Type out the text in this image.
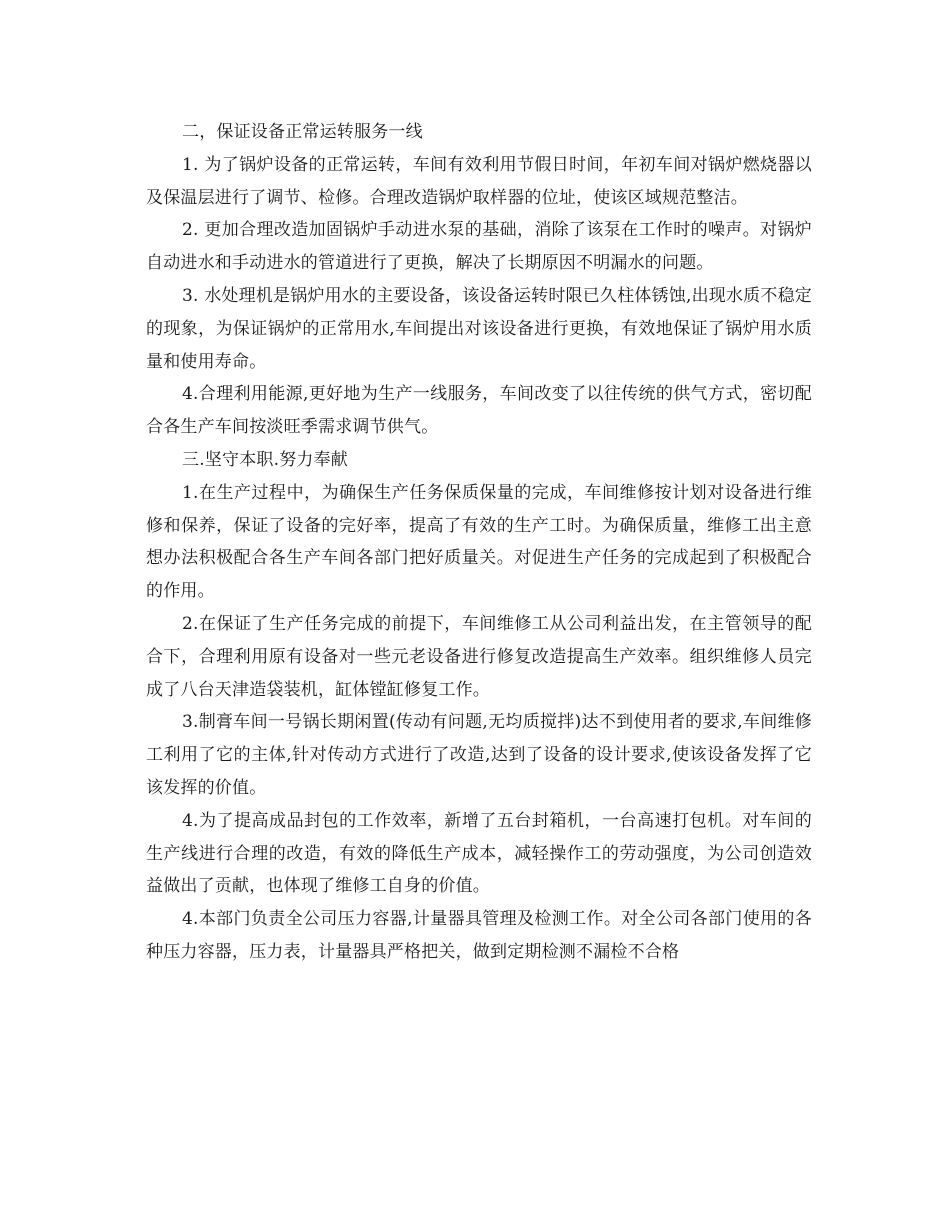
二，保证设备正常运转服务一线

1. 为了锅炉设备的正常运转，车间有效利用节假日时间，年初车间对锅炉燃烧器以及保温层进行了调节、检修。合理改造锅炉取样器的位址，使该区域规范整洁。

2. 更加合理改造加固锅炉手动进水泵的基础，消除了该泵在工作时的噪声。对锅炉自动进水和手动进水的管道进行了更换，解决了长期原因不明漏水的问题。

3. 水处理机是锅炉用水的主要设备，该设备运转时限已久柱体锈蚀,出现水质不稳定的现象，为保证锅炉的正常用水,车间提出对该设备进行更换，有效地保证了锅炉用水质量和使用寿命。

4.合理利用能源,更好地为生产一线服务，车间改变了以往传统的供气方式，密切配合各生产车间按淡旺季需求调节供气。

三.坚守本职.努力奉献

1.在生产过程中，为确保生产任务保质保量的完成，车间维修按计划对设备进行维修和保养，保证了设备的完好率，提高了有效的生产工时。为确保质量，维修工出主意想办法积极配合各生产车间各部门把好质量关。对促进生产任务的完成起到了积极配合的作用。

2.在保证了生产任务完成的前提下，车间维修工从公司利益出发，在主管领导的配合下，合理利用原有设备对一些元老设备进行修复改造提高生产效率。组织维修人员完成了八台天津造袋装机，缸体镗缸修复工作。

3.制膏车间一号锅长期闲置(传动有问题,无均质搅拌)达不到使用者的要求,车间维修工利用了它的主体,针对传动方式进行了改造,达到了设备的设计要求,使该设备发挥了它该发挥的价值。

4.为了提高成品封包的工作效率，新增了五台封箱机，一台高速打包机。对车间的生产线进行合理的改造，有效的降低生产成本，减轻操作工的劳动强度，为公司创造效益做出了贡献，也体现了维修工自身的价值。

4.本部门负责全公司压力容器,计量器具管理及检测工作。对全公司各部门使用的各种压力容器，压力表，计量器具严格把关，做到定期检测不漏检不合格
